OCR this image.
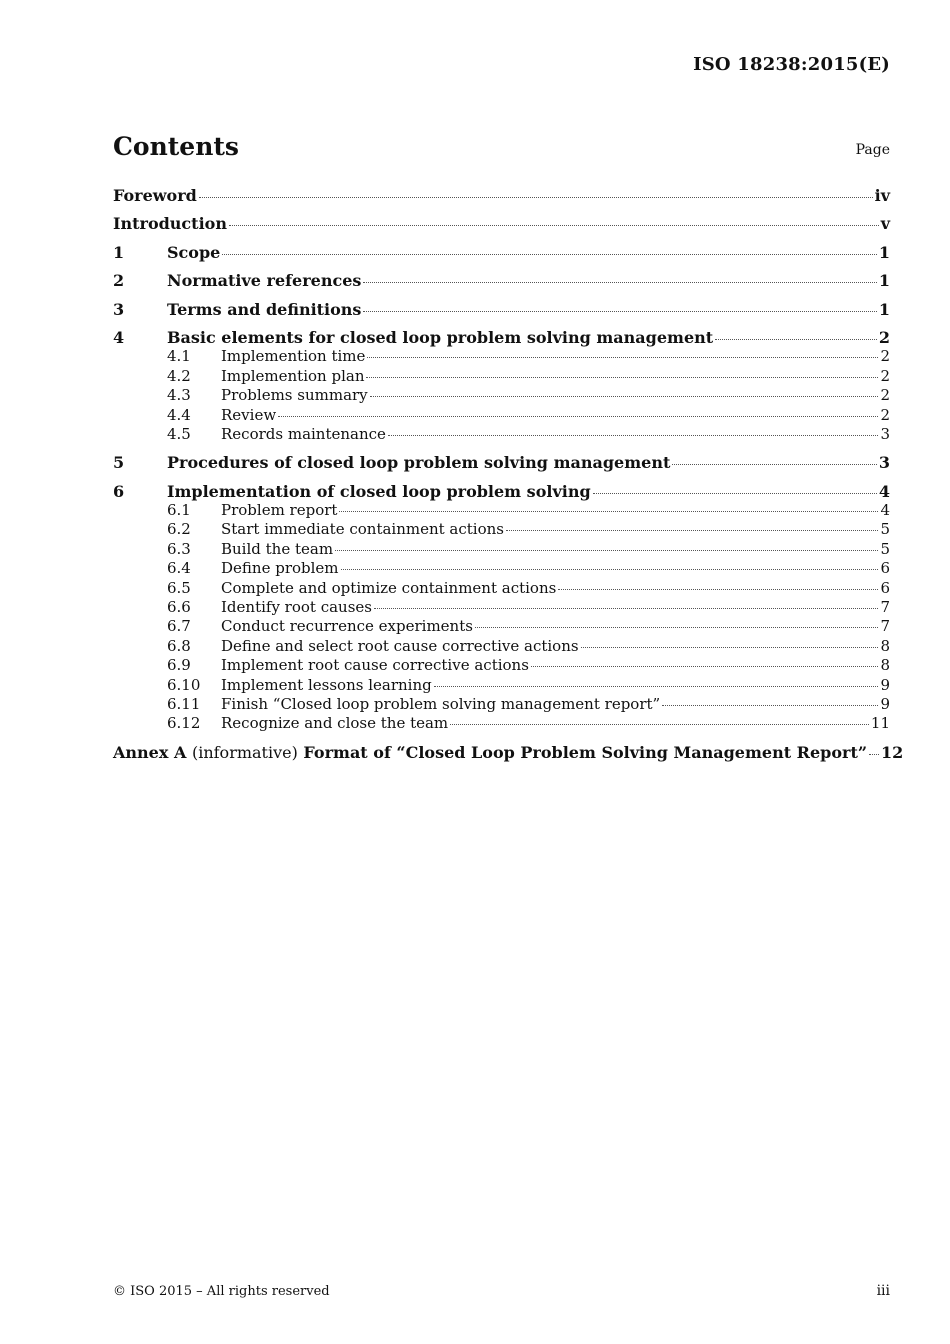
ISO 18238:2015(E)
Contents	Page
Foreword	iv
Introduction	v
1	Scope	1
2	Normative references	1
3	Terms and definitions	1
4	Basic elements for closed loop problem solving management	2
4.1	Implemention time	2
4.2	Implemention plan	2
4.3	Problems summary	2
4.4	Review	2
4.5	Records maintenance	3
5	Procedures of closed loop problem solving management	3
6	Implementation of closed loop problem solving	4
6.1	Problem report	4
6.2	Start immediate containment actions	5
6.3	Build the team	5
6.4	Define problem	6
6.5	Complete and optimize containment actions	6
6.6	Identify root causes	7
6.7	Conduct recurrence experiments	7
6.8	Define and select root cause corrective actions	8
6.9	Implement root cause corrective actions	8
6.10	Implement lessons learning	9
6.11	Finish “Closed loop problem solving management report”	9
6.12	Recognize and close the team	11
Annex A (informative) Format of “Closed Loop Problem Solving Management Report” 12
© ISO 2015 – All rights reserved	iii
